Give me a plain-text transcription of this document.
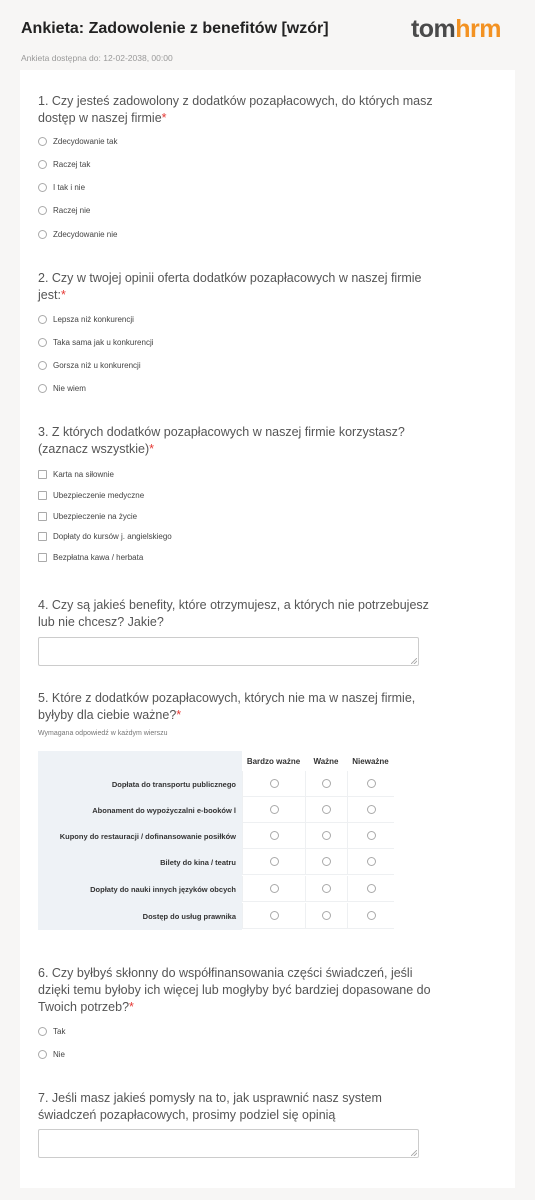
Ankieta: Zadowolenie z benefitów [wzór]	tomhrm
Ankieta dostępna do: 12-02-2038, 00:00
1. Czy jesteś zadowolony z dodatków pozapłacowych, do których masz dostęp w naszej firmie*
Zdecydowanie tak
Raczej tak
I tak i nie
Raczej nie
Zdecydowanie nie
2. Czy w twojej opinii oferta dodatków pozapłacowych w naszej firmie jest:*
Lepsza niż konkurencji
Taka sama jak u konkurencji
Gorsza niż u konkurencji
Nie wiem
3. Z których dodatków pozapłacowych w naszej firmie korzystasz? (zaznacz wszystkie)*
Karta na siłownie
Ubezpieczenie medyczne
Ubezpieczenie na życie
Dopłaty do kursów j. angielskiego
Bezpłatna kawa / herbata
4. Czy są jakieś benefity, które otrzymujesz, a których nie potrzebujesz lub nie chcesz? Jakie?
5. Które z dodatków pozapłacowych, których nie ma w naszej firmie, byłyby dla ciebie ważne?*
Wymagana odpowiedź w każdym wierszu
Bardzo ważne	Ważne	Nieważne
Dopłata do transportu publicznego
Abonament do wypożyczalni e-booków l
Kupony do restauracji / dofinansowanie posiłków
Bilety do kina / teatru
Dopłaty do nauki innych języków obcych
Dostęp do usług prawnika
6. Czy byłbyś skłonny do współfinansowania części świadczeń, jeśli dzięki temu byłoby ich więcej lub mogłyby być bardziej dopasowane do Twoich potrzeb?*
Tak
Nie
7. Jeśli masz jakieś pomysły na to, jak usprawnić nasz system świadczeń pozapłacowych, prosimy podziel się opinią
